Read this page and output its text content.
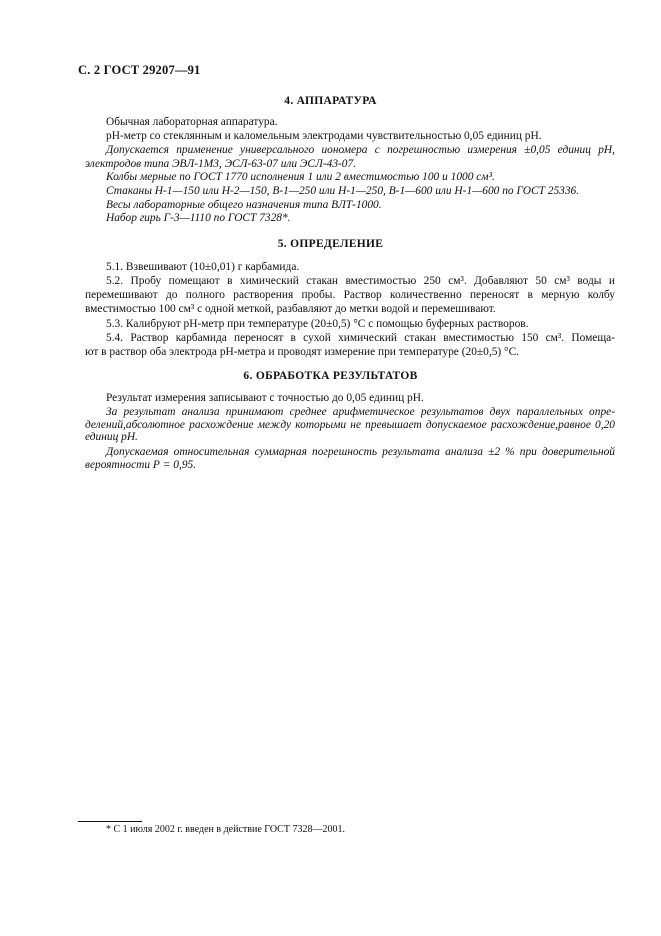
С. 2 ГОСТ 29207—91
4. АППАРАТУРА
Обычная лабораторная аппаратура.
рН-метр со стеклянным и каломельным электродами чувствительностью 0,05 единиц рН.
Допускается применение универсального иономера с погрешностью измерения ±0,05 единиц рН,
электродов типа ЭВЛ-1М3, ЭСЛ-63-07 или ЭСЛ-43-07.
Колбы мерные по ГОСТ 1770 исполнения 1 или 2 вместимостью 100 и 1000 см³.
Стаканы Н-1—150 или Н-2—150, В-1—250 или Н-1—250, В-1—600 или Н-1—600 по ГОСТ 25336.
Весы лабораторные общего назначения типа ВЛТ-1000.
Набор гирь Г-3—1110 по ГОСТ 7328*.
5. ОПРЕДЕЛЕНИЕ
5.1. Взвешивают (10±0,01) г карбамида.
5.2. Пробу помещают в химический стакан вместимостью 250 см³. Добавляют 50 см³ воды и
перемешивают до полного растворения пробы. Раствор количественно переносят в мерную колбу
вместимостью 100 см³ с одной меткой, разбавляют до метки водой и перемешивают.
5.3. Калибруют рН-метр при температуре (20±0,5) °С с помощью буферных растворов.
5.4. Раствор карбамида переносят в сухой химический стакан вместимостью 150 см³. Помеща-
ют в раствор оба электрода рН-метра и проводят измерение при температуре (20±0,5) °С.
6. ОБРАБОТКА РЕЗУЛЬТАТОВ
Результат измерения записывают с точностью до 0,05 единиц рН.
За результат анализа принимают среднее арифметическое результатов двух параллельных опре-
делений,абсолютное расхождение между которыми не превышает допускаемое расхождение,равное 0,20
единиц рН.
Допускаемая относительная суммарная погрешность результата анализа ±2 % при доверительной
вероятности Р = 0,95.
* С 1 июля 2002 г. введен в действие ГОСТ 7328—2001.
